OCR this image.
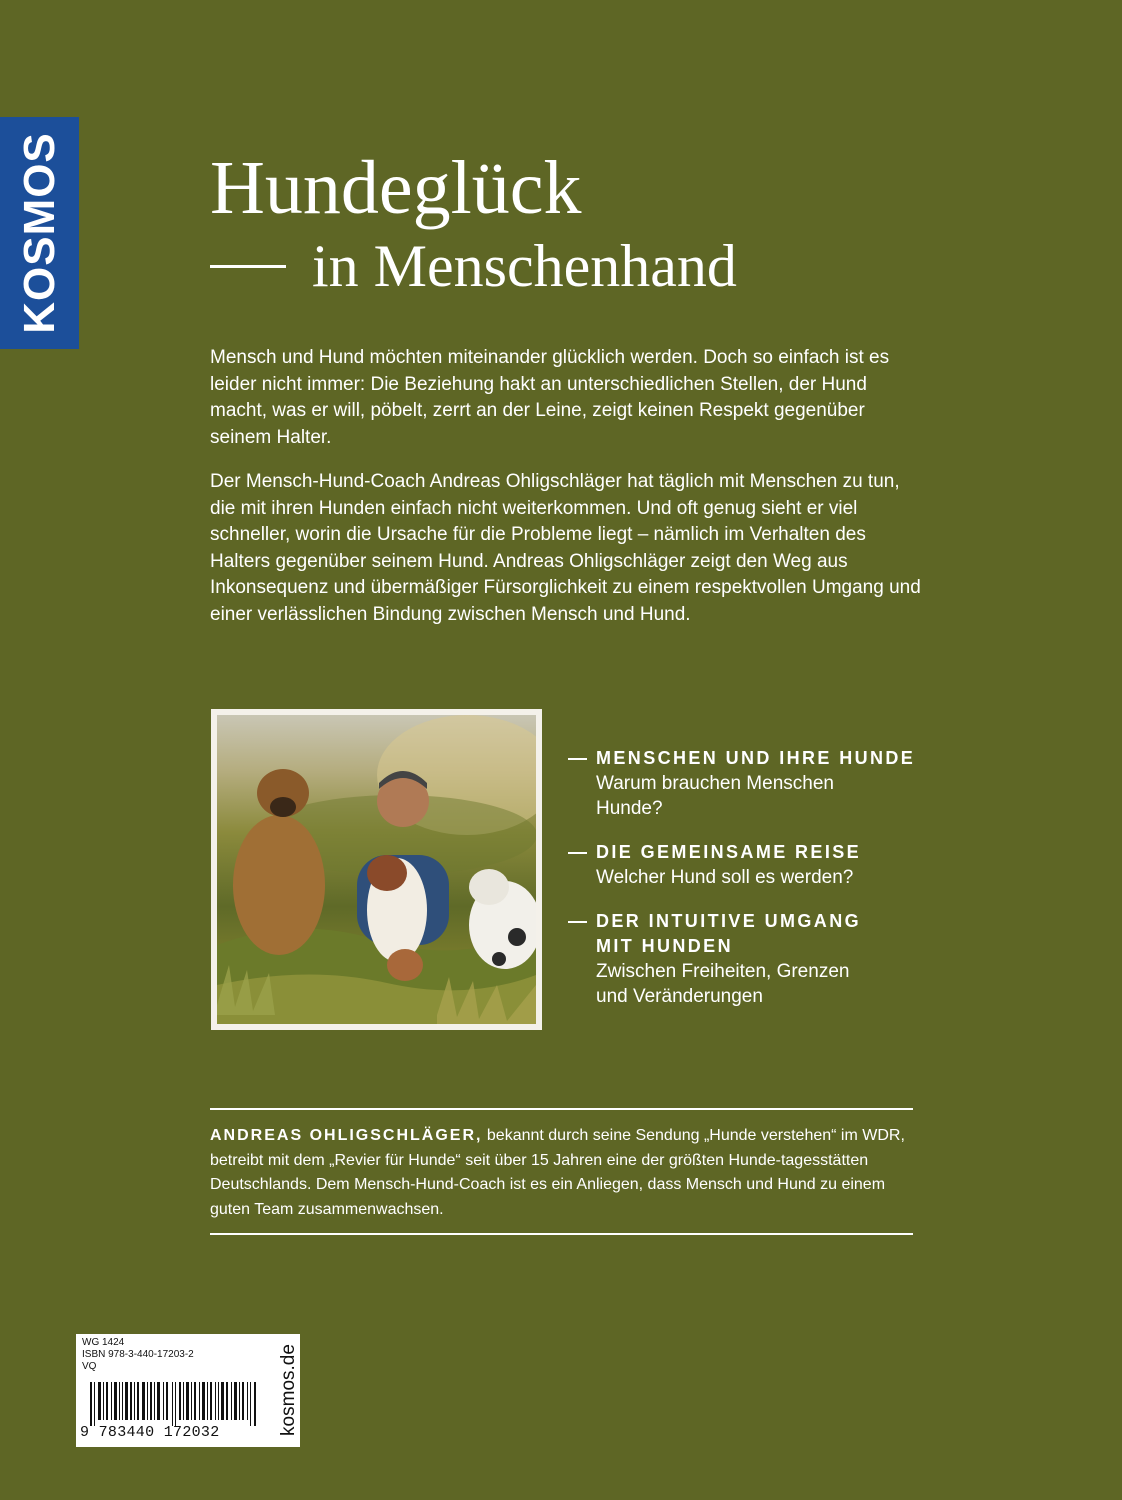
KOSMOS Hundeglück
in Menschenhand

Mensch und Hund möchten miteinander glücklich werden. Doch so einfach ist es leider nicht immer: Die Beziehung hakt an unterschiedlichen Stellen, der Hund macht, was er will, pöbelt, zerrt an der Leine, zeigt keinen Respekt gegenüber seinem Halter.

Der Mensch-Hund-Coach Andreas Ohligschläger hat täglich mit Menschen zu tun, die mit ihren Hunden einfach nicht weiterkommen. Und oft genug sieht er viel schneller, worin die Ursache für die Probleme liegt – nämlich im Verhalten des Halters gegenüber seinem Hund. Andreas Ohligschläger zeigt den Weg aus Inkonsequenz und übermäßiger Fürsorglichkeit zu einem respektvollen Umgang und einer verlässlichen Bindung zwischen Mensch und Hund.

MENSCHEN UND IHRE HUNDE
Warum brauchen Menschen Hunde?
DIE GEMEINSAME REISE
Welcher Hund soll es werden?
DER INTUITIVE UMGANG MIT HUNDEN
Zwischen Freiheiten, Grenzen und Veränderungen

ANDREAS OHLIGSCHLÄGER, bekannt durch seine Sendung „Hunde verstehen“ im WDR, betreibt mit dem „Revier für Hunde“ seit über 15 Jahren eine der größten Hunde-tagesstätten Deutschlands. Dem Mensch-Hund-Coach ist es ein Anliegen, dass Mensch und Hund zu einem guten Team zusammenwachsen.

WG 1424
ISBN 978-3-440-17203-2
VQ
9 783440 172032	kosmos.de
